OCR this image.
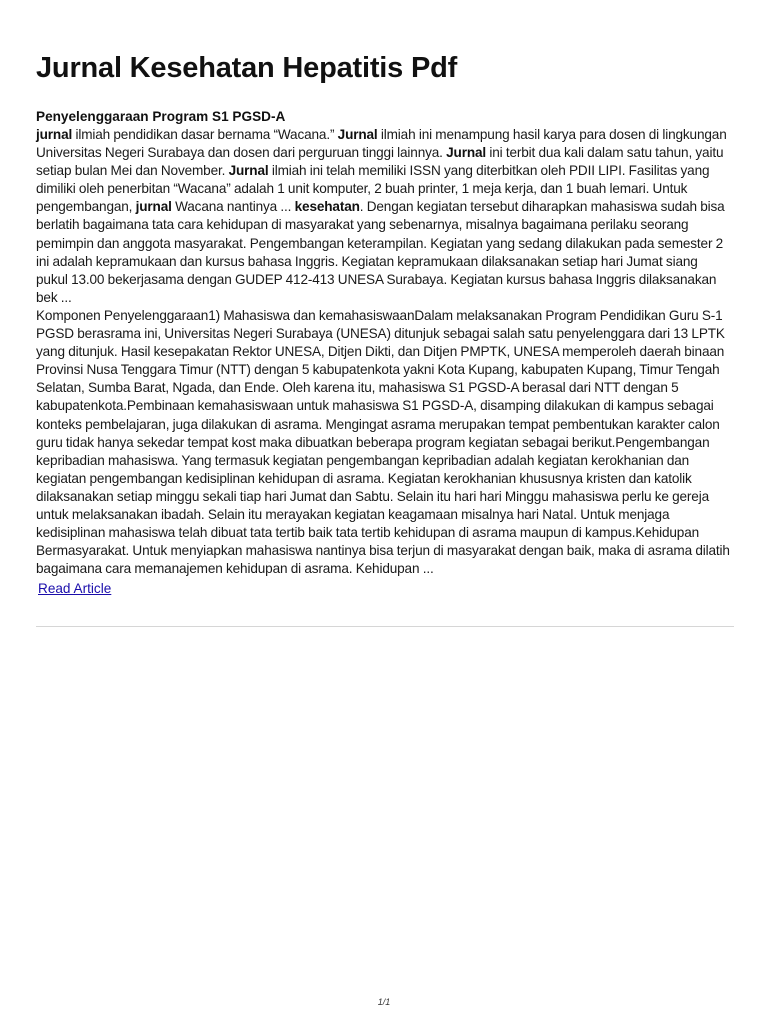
Jurnal Kesehatan Hepatitis Pdf
Penyelenggaraan Program S1 PGSD-A

jurnal ilmiah pendidikan dasar bernama “Wacana.” Jurnal ilmiah ini menampung hasil karya para dosen di lingkungan Universitas Negeri Surabaya dan dosen dari perguruan tinggi lainnya. Jurnal ini terbit dua kali dalam satu tahun, yaitu setiap bulan Mei dan November. Jurnal ilmiah ini telah memiliki ISSN yang diterbitkan oleh PDII LIPI. Fasilitas yang dimiliki oleh penerbitan “Wacana” adalah 1 unit komputer, 2 buah printer, 1 meja kerja, dan 1 buah lemari. Untuk pengembangan, jurnal Wacana nantinya ... kesehatan. Dengan kegiatan tersebut diharapkan mahasiswa sudah bisa berlatih bagaimana tata cara kehidupan di masyarakat yang sebenarnya, misalnya bagaimana perilaku seorang pemimpin dan anggota masyarakat. Pengembangan keterampilan. Kegiatan yang sedang dilakukan pada semester 2 ini adalah kepramukaan dan kursus bahasa Inggris. Kegiatan kepramukaan dilaksanakan setiap hari Jumat siang pukul 13.00 bekerjasama dengan GUDEP 412-413 UNESA Surabaya. Kegiatan kursus bahasa Inggris dilaksanakan bek ...
Komponen Penyelenggaraan1) Mahasiswa dan kemahasiswaanDalam melaksanakan Program Pendidikan Guru S-1 PGSD berasrama ini, Universitas Negeri Surabaya (UNESA) ditunjuk sebagai salah satu penyelenggara dari 13 LPTK yang ditunjuk. Hasil kesepakatan Rektor UNESA, Ditjen Dikti, dan Ditjen PMPTK, UNESA memperoleh daerah binaan Provinsi Nusa Tenggara Timur (NTT) dengan 5 kabupatenkota yakni Kota Kupang, kabupaten Kupang, Timur Tengah Selatan, Sumba Barat, Ngada, dan Ende. Oleh karena itu, mahasiswa S1 PGSD-A berasal dari NTT dengan 5 kabupatenkota.Pembinaan kemahasiswaan untuk mahasiswa S1 PGSD-A, disamping dilakukan di kampus sebagai konteks pembelajaran, juga dilakukan di asrama. Mengingat asrama merupakan tempat pembentukan karakter calon guru tidak hanya sekedar tempat kost maka dibuatkan beberapa program kegiatan sebagai berikut.Pengembangan kepribadian mahasiswa. Yang termasuk kegiatan pengembangan kepribadian adalah kegiatan kerokhanian dan kegiatan pengembangan kedisiplinan kehidupan di asrama. Kegiatan kerokhanian khususnya kristen dan katolik dilaksanakan setiap minggu sekali tiap hari Jumat dan Sabtu. Selain itu hari hari Minggu mahasiswa perlu ke gereja untuk melaksanakan ibadah. Selain itu merayakan kegiatan keagamaan misalnya hari Natal. Untuk menjaga kedisiplinan mahasiswa telah dibuat tata tertib baik tata tertib kehidupan di asrama maupun di kampus.Kehidupan Bermasyarakat. Untuk menyiapkan mahasiswa nantinya bisa terjun di masyarakat dengan baik, maka di asrama dilatih bagaimana cara memanajemen kehidupan di asrama. Kehidupan ...

Read Article
1/1
